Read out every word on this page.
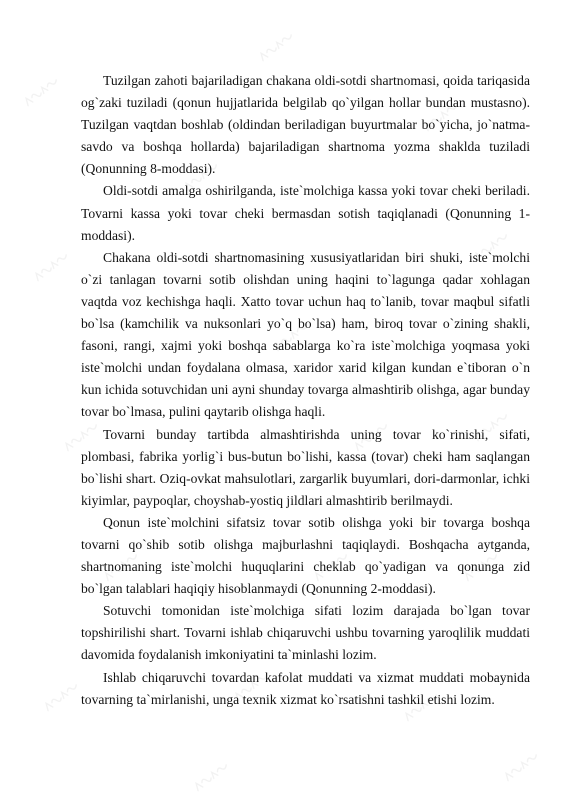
Tuzilgan zahoti bajariladigan chakana oldi-sotdi shartnomasi, qoida tariqasida og`zaki tuziladi (qonun hujjatlarida belgilab qo`yilgan hollar bundan mustasno). Tuzilgan vaqtdan boshlab (oldindan beriladigan buyurtmalar bo`yicha, jo`natma-savdo va boshqa hollarda) bajariladigan shartnoma yozma shaklda tuziladi (Qonunning 8-moddasi).

Oldi-sotdi amalga oshirilganda, iste`molchiga kassa yoki tovar cheki beriladi. Tovarni kassa yoki tovar cheki bermasdan sotish taqiqlanadi (Qonunning 1-moddasi).

Chakana oldi-sotdi shartnomasining xususiyatlaridan biri shuki, iste`molchi o`zi tanlagan tovarni sotib olishdan uning haqini to`lagunga qadar xohlagan vaqtda voz kechishga haqli. Xatto tovar uchun haq to`lanib, tovar maqbul sifatli bo`lsa (kamchilik va nuksonlari yo`q bo`lsa) ham, biroq tovar o`zining shakli, fasoni, rangi, xajmi yoki boshqa sabablarga ko`ra iste`molchiga yoqmasa yoki iste`molchi undan foydalana olmasa, xaridor xarid kilgan kundan e`tiboran o`n kun ichida sotuvchidan uni ayni shunday tovarga almashtirib olishga, agar bunday tovar bo`lmasa, pulini qaytarib olishga haqli.

Tovarni bunday tartibda almashtirishda uning tovar ko`rinishi, sifati, plombasi, fabrika yorlig`i bus-butun bo`lishi, kassa (tovar) cheki ham saqlangan bo`lishi shart. Oziq-ovkat mahsulotlari, zargarlik buyumlari, dori-darmonlar, ichki kiyimlar, paypoqlar, choyshab-yostiq jildlari almashtirib berilmaydi.

Qonun iste`molchini sifatsiz tovar sotib olishga yoki bir tovarga boshqa tovarni qo`shib sotib olishga majburlashni taqiqlaydi. Boshqacha aytganda, shartnomaning iste`molchi huquqlarini cheklab qo`yadigan va qonunga zid bo`lgan talablari haqiqiy hisoblanmaydi (Qonunning 2-moddasi).

Sotuvchi tomonidan iste`molchiga sifati lozim darajada bo`lgan tovar topshirilishi shart. Tovarni ishlab chiqaruvchi ushbu tovarning yaroqlilik muddati davomida foydalanish imkoniyatini ta`minlashi lozim.

Ishlab chiqaruvchi tovardan kafolat muddati va xizmat muddati mobaynida tovarning ta`mirlanishi, unga texnik xizmat ko`rsatishni tashkil etishi lozim.
